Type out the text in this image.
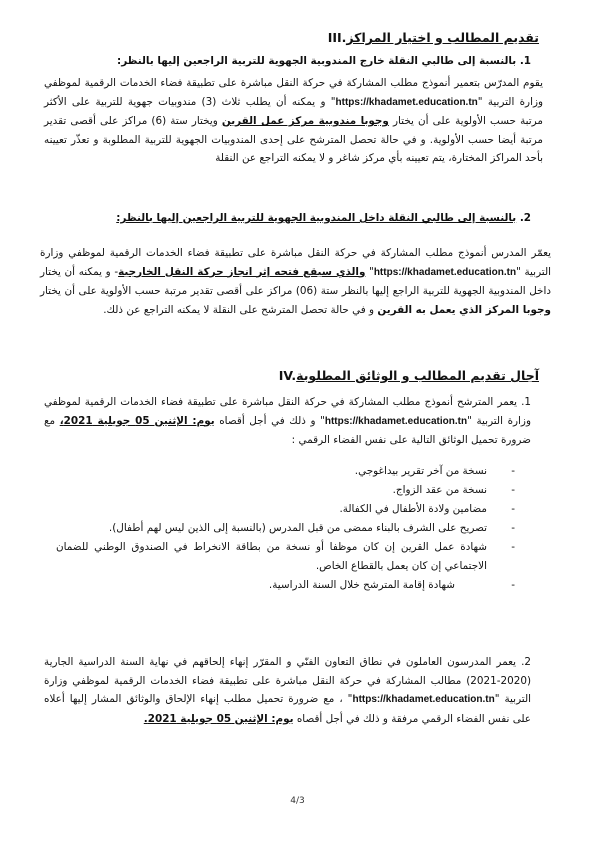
III.تقديم المطالب و اختيار المراكز
1. بالنسبة إلى طالبي النقلة خارج المندوبية الجهوية للتربية الراجعين إليها بالنظر:
يقوم المدرّس بتعمير أنموذج مطلب المشاركة في حركة النقل مباشرة على تطبيقة فضاء الخدمات الرقمية لموظفي وزارة التربية "https://khadamet.education.tn" و يمكنه أن يطلب ثلاث (3) مندوبيات جهوية للتربية على الأكثر مرتبة حسب الأولوية على أن يختار وجوبا مندوبية مركز عمل القرين ويختار ستة (6) مراكز على أقصى تقدير مرتبة أيضا حسب الأولوية. و في حالة تحصل المترشح على إحدى المندوبيات الجهوية للتربية المطلوبة و تعذّر تعيينه بأحد المراكز المختارة، يتم تعيينه بأي مركز شاغر و لا يمكنه التراجع عن النقلة
2. بالنسبة إلى طالبي النقلة داخل المندوبية الجهوية للتربية الراجعين إليها بالنظر:
يعمّر المدرس أنموذج مطلب المشاركة في حركة النقل مباشرة على تطبيقة فضاء الخدمات الرقمية لموظفي وزارة التربية "https://khadamet.education.tn" والذي سيقع فتحه إثر انجاز حركة النقل الخارجية- و يمكنه أن يختار داخل المندوبية الجهوية للتربية الراجع إليها بالنظر ستة (06) مراكز على أقصى تقدير مرتبة حسب الأولوية على أن يختار وجوبا المركز الذي يعمل به القرين و في حالة تحصل المترشح على النقلة لا يمكنه التراجع عن ذلك.
IV.آجال تقديم المطالب و الوثائق المطلوبة
1. يعمر المترشح أنموذج مطلب المشاركة في حركة النقل مباشرة على تطبيقة فضاء الخدمات الرقمية لموظفي وزارة التربية "https://khadamet.education.tn" و ذلك في أجل أقصاه يوم: الإثنين 05 جويلية 2021، مع ضرورة تحميل الوثائق التالية على نفس الفضاء الرقمي :
- نسخة من آخر تقرير بيداغوجي.
- نسخة من عقد الزواج.
- مضامين ولادة الأطفال في الكفالة.
- تصريح على الشرف بالبناء ممضى من قبل المدرس (بالنسبة إلى الذين ليس لهم أطفال).
- شهادة عمل القرين إن كان موظفا أو نسخة من بطاقة الانخراط في الصندوق الوطني للضمان الاجتماعي إن كان يعمل بالقطاع الخاص.
- شهادة إقامة المترشح خلال السنة الدراسية.
2. يعمر المدرسون العاملون في نطاق التعاون الفنّي و المقرّر إنهاء إلحاقهم في نهاية السنة الدراسية الجارية (2020-2021) مطالب المشاركة في حركة النقل مباشرة على تطبيقة فضاء الخدمات الرقمية لموظفي وزارة التربية "https://khadamet.education.tn" ، مع ضرورة تحميل مطلب إنهاء الإلحاق والوثائق المشار إليها أعلاه على نفس الفضاء الرقمي مرفقة و ذلك في أجل أقصاه يوم: الإثنين 05 جويلية 2021.
4/3
